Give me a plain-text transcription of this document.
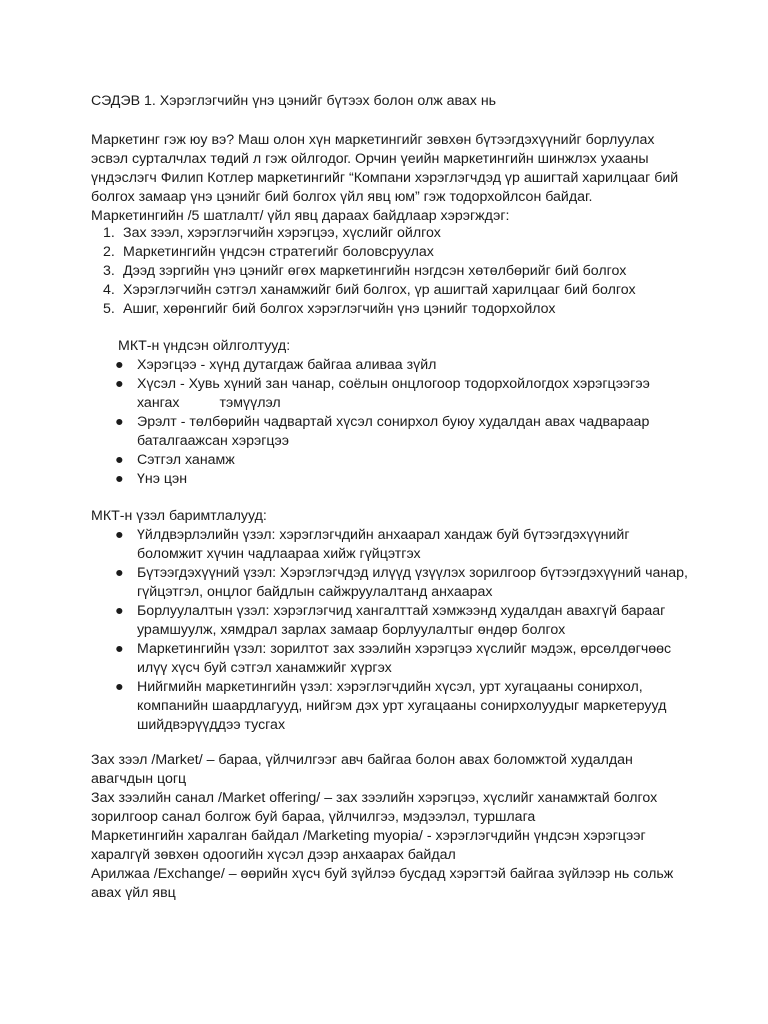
СЭДЭВ 1. Хэрэглэгчийн үнэ цэнийг бүтээх болон олж авах нь
Маркетинг гэж юу вэ? Маш олон хүн маркетингийг зөвхөн бүтээгдэхүүнийг борлуулах
эсвэл сурталчлах төдий л гэж ойлгодог. Орчин үеийн маркетингийн шинжлэх ухааны
үндэслэгч Филип Котлер маркетингийг “Компани хэрэглэгчдэд үр ашигтай харилцааг бий
болгох замаар үнэ цэнийг бий болгох үйл явц юм” гэж тодорхойлсон байдаг.
Маркетингийн /5 шатлалт/ үйл явц дараах байдлаар хэрэгждэг:
1. Зах зээл, хэрэглэгчийн хэрэгцээ, хүслийг ойлгох
2. Маркетингийн үндсэн стратегийг боловсруулах
3. Дээд зэргийн үнэ цэнийг өгөх маркетингийн нэгдсэн хөтөлбөрийг бий болгох
4. Хэрэглэгчийн сэтгэл ханамжийг бий болгох, үр ашигтай харилцааг бий болгох
5. Ашиг, хөрөнгийг бий болгох хэрэглэгчийн үнэ цэнийг тодорхойлох
МКТ-н үндсэн ойлголтууд:
● Хэрэгцээ - хүнд дутагдаж байгаа аливаа зүйл
● Хүсэл - Хувь хүний зан чанар, соёлын онцлогоор тодорхойлогдох хэрэгцээгээ
хангах	тэмүүлэл
● Эрэлт - төлбөрийн чадвартай хүсэл сонирхол буюу худалдан авах чадвараар
баталгаажсан хэрэгцээ
● Сэтгэл ханамж
● Үнэ цэн
МКТ-н үзэл баримтлалууд:
● Үйлдвэрлэлийн үзэл: хэрэглэгчдийн анхаарал хандаж буй бүтээгдэхүүнийг
боломжит хүчин чадлаараа хийж гүйцэтгэх
● Бүтээгдэхүүний үзэл: Хэрэглэгчдэд илүүд үзүүлэх зорилгоор бүтээгдэхүүний чанар,
гүйцэтгэл, онцлог байдлын сайжруулалтанд анхаарах
● Борлуулалтын үзэл: хэрэглэгчид хангалттай хэмжээнд худалдан авахгүй барааг
урамшуулж, хямдрал зарлах замаар борлуулалтыг өндөр болгох
● Маркетингийн үзэл: зорилтот зах зээлийн хэрэгцээ хүслийг мэдэж, өрсөлдөгчөөс
илүү хүсч буй сэтгэл ханамжийг хүргэх
● Нийгмийн маркетингийн үзэл: хэрэглэгчдийн хүсэл, урт хугацааны сонирхол,
компанийн шаардлагууд, нийгэм дэх урт хугацааны сонирхолуудыг маркетерууд
шийдвэрүүддээ тусгах
Зах зээл /Market/ – бараа, үйлчилгээг авч байгаа болон авах боломжтой худалдан
авагчдын цогц
Зах зээлийн санал /Market offering/ – зах зээлийн хэрэгцээ, хүслийг ханамжтай болгох
зорилгоор санал болгож буй бараа, үйлчилгээ, мэдээлэл, туршлага
Маркетингийн харалган байдал /Marketing myopia/ - хэрэглэгчдийн үндсэн хэрэгцээг
харалгүй зөвхөн одоогийн хүсэл дээр анхаарах байдал
Арилжаа /Exchange/ – өөрийн хүсч буй зүйлээ бусдад хэрэгтэй байгаа зүйлээр нь сольж
авах үйл явц
